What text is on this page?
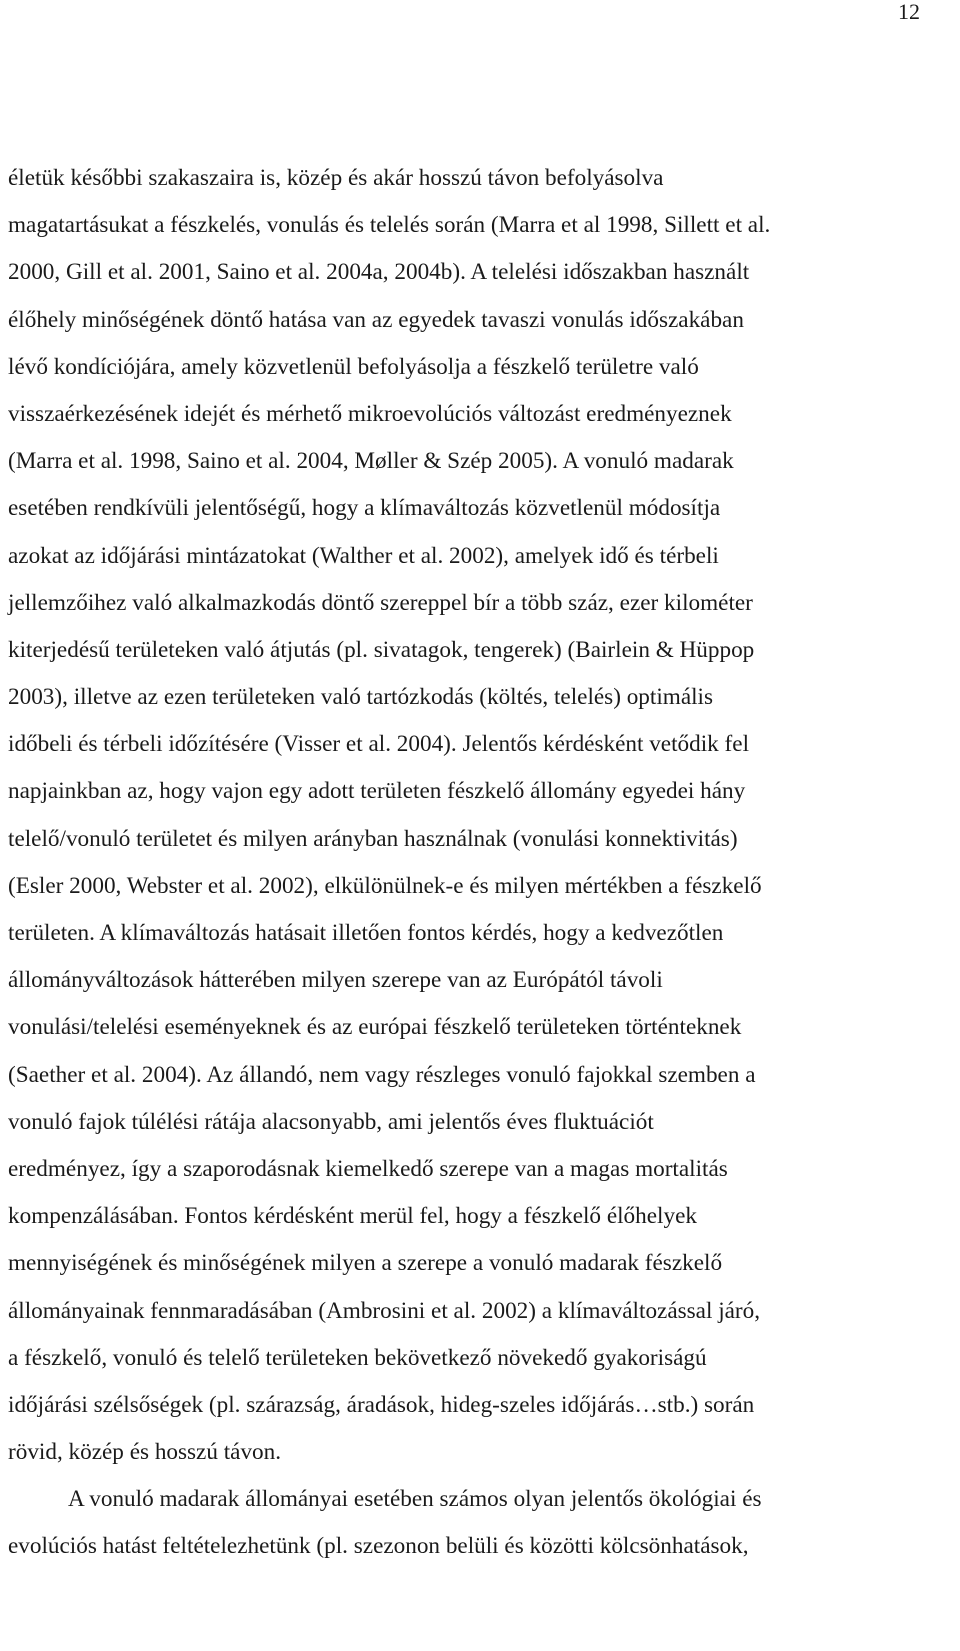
12
életük későbbi szakaszaira is, közép és akár hosszú távon befolyásolva
magatartásukat a fészkelés, vonulás és telelés során (Marra et al 1998, Sillett et al.
2000, Gill et al. 2001, Saino et al. 2004a, 2004b). A telelési időszakban használt
élőhely minőségének döntő hatása van az egyedek tavaszi vonulás időszakában
lévő kondíciójára, amely közvetlenül befolyásolja a fészkelő területre való
visszaérkezésének idejét és mérhető mikroevolúciós változást eredményeznek
(Marra et al. 1998, Saino et al. 2004, Møller & Szép 2005). A vonuló madarak
esetében rendkívüli jelentőségű, hogy a klímaváltozás közvetlenül módosítja
azokat az időjárási mintázatokat (Walther et al. 2002), amelyek idő és térbeli
jellemzőihez való alkalmazkodás döntő szereppel bír a több száz, ezer kilométer
kiterjedésű területeken való átjutás (pl. sivatagok, tengerek) (Bairlein & Hüppop
2003), illetve az ezen területeken való tartózkodás (költés, telelés) optimális
időbeli és térbeli időzítésére (Visser et al. 2004). Jelentős kérdésként vetődik fel
napjainkban az, hogy vajon egy adott területen fészkelő állomány egyedei hány
telelő/vonuló területet és milyen arányban használnak (vonulási konnektivitás)
(Esler 2000, Webster et al. 2002), elkülönülnek-e és milyen mértékben a fészkelő
területen. A klímaváltozás hatásait illetően fontos kérdés, hogy a kedvezőtlen
állományváltozások hátterében milyen szerepe van az Európától távoli
vonulási/telelési eseményeknek és az európai fészkelő területeken történteknek
(Saether et al. 2004). Az állandó, nem vagy részleges vonuló fajokkal szemben a
vonuló fajok túlélési rátája alacsonyabb, ami jelentős éves fluktuációt
eredményez, így a szaporodásnak kiemelkedő szerepe van a magas mortalitás
kompenzálásában. Fontos kérdésként merül fel, hogy a fészkelő élőhelyek
mennyiségének és minőségének milyen a szerepe a vonuló madarak fészkelő
állományainak fennmaradásában (Ambrosini et al. 2002) a klímaváltozással járó,
a fészkelő, vonuló és telelő területeken bekövetkező növekedő gyakoriságú
időjárási szélsőségek (pl. szárazság, áradások, hideg-szeles időjárás…stb.) során
rövid, közép és hosszú távon.
A vonuló madarak állományai esetében számos olyan jelentős ökológiai és
evolúciós hatást feltételezhetünk (pl. szezonon belüli és közötti kölcsönhatások,
